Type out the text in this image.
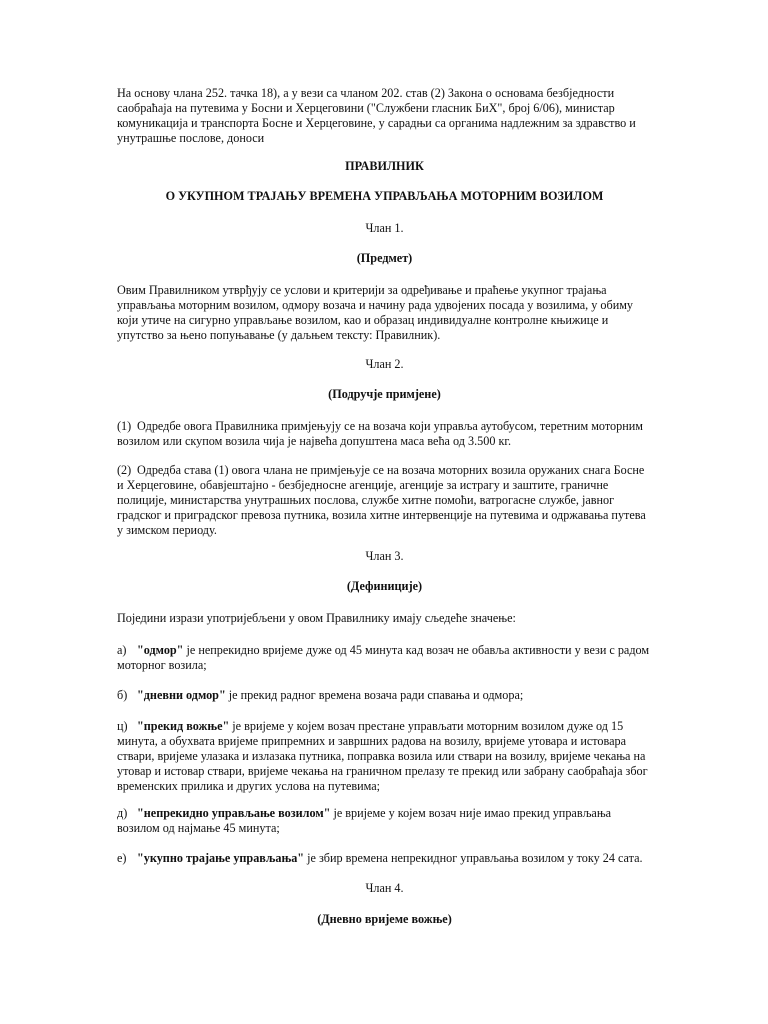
На основу члана 252. тачка 18), а у вези са чланом 202. став (2) Закона о основама безбједности саобраћаја на путевима у Босни и Херцеговини ("Службени гласник БиХ", број 6/06), министар комуникација и транспорта Босне и Херцеговине, у сарадњи са органима надлежним за здравство и унутрашње послове, доноси

ПРАВИЛНИК

О УКУПНОМ ТРАЈАЊУ ВРЕМЕНА УПРАВЉАЊА МОТОРНИМ ВОЗИЛОМ

Члан 1.

(Предмет)

Овим Правилником утврђују се услови и критерији за одређивање и праћење укупног трајања управљања моторним возилом, одмору возача и начину рада удвојених посада у возилима, у обиму који утиче на сигурно управљање возилом, као и образац индивидуалне контролне књижице и упутство за њено попуњавање (у даљњем тексту: Правилник).

Члан 2.

(Подручје примјене)

(1) Одредбе овога Правилника примјењују се на возача који управља аутобусом, теретним моторним возилом или скупом возила чија је највећа допуштена маса већа од 3.500 кг.

(2) Одредба става (1) овога члана не примјењује се на возача моторних возила оружаних снага Босне и Херцеговине, обавјештајно - безбједносне агенције, агенције за истрагу и заштите, граничне полиције, министарства унутрашњих послова, службе хитне помоћи, ватрогасне службе, јавног градског и приградског превоза путника, возила хитне интервенције на путевима и одржавања путева у зимском периоду.

Члан 3.

(Дефиниције)

Поједини изрази употријебљени у овом Правилнику имају сљедеће значење:

а) "одмор" је непрекидно вријеме дуже од 45 минута кад возач не обавља активности у вези с радом моторног возила;

б) "дневни одмор" је прекид радног времена возача ради спавања и одмора;

ц) "прекид вожње" је вријеме у којем возач престане управљати моторним возилом дуже од 15 минута, а обухвата вријеме припремних и завршних радова на возилу, вријеме утовара и истовара ствари, вријеме улазака и излазака путника, поправка возила или ствари на возилу, вријеме чекања на утовар и истовар ствари, вријеме чекања на граничном прелазу те прекид или забрану саобраћаја због временских прилика и других услова на путевима;

д) "непрекидно управљање возилом" је вријеме у којем возач није имао прекид управљања возилом од најмање 45 минута;

е) "укупно трајање управљања" је збир времена непрекидног управљања возилом у току 24 сата.

Члан 4.

(Дневно вријеме вожње)
